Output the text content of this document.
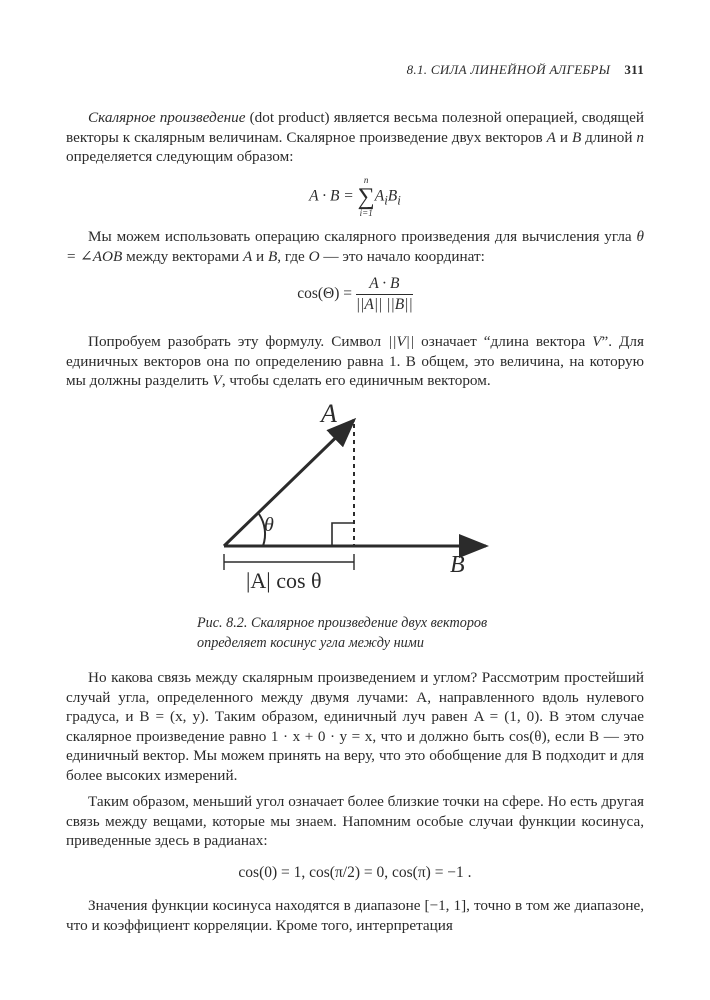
8.1. СИЛА ЛИНЕЙНОЙ АЛГЕБРЫ 311

Скалярное произведение (dot product) является весьма полезной операцией, сводящей векторы к скалярным величинам. Скалярное произведение двух векторов A и B длиной n определяется следующим образом:

A · B =
n
∑
i=1
$A_iB_i$

Мы можем использовать операцию скалярного произведения для вычисления угла θ = ∠AOB между векторами A и B, где O — это начало координат:

$\cos(\Theta) = \frac{A \cdot B}{||A|| ||B||}$

Попробуем разобрать эту формулу. Символ ||V|| означает “длина вектора V”. Для единичных векторов она по определению равна 1. В общем, это величина, на которую мы должны разделить V, чтобы сделать его единичным вектором.

A
B
θ
|A| cos θ
Рис. 8.2. Скалярное произведение двух векторов
определяет косинус угла между ними

Но какова связь между скалярным произведением и углом? Рассмотрим простейший случай угла, определенного между двумя лучами: A, направленного вдоль нулевого градуса, и B = (x, y). Таким образом, единичный луч равен A = (1, 0). В этом случае скалярное произведение равно 1 · x + 0 · y = x, что и должно быть cos(θ), если B — это единичный вектор. Мы можем принять на веру, что это обобщение для B подходит и для более высоких измерений.

Таким образом, меньший угол означает более близкие точки на сфере. Но есть другая связь между вещами, которые мы знаем. Напомним особые случаи функции косинуса, приведенные здесь в радианах:

cos(0) = 1, cos(π/2) = 0, cos(π) = −1 .

Значения функции косинуса находятся в диапазоне [−1, 1], точно в том же диапазоне, что и коэффициент корреляции. Кроме того, интерпретация
